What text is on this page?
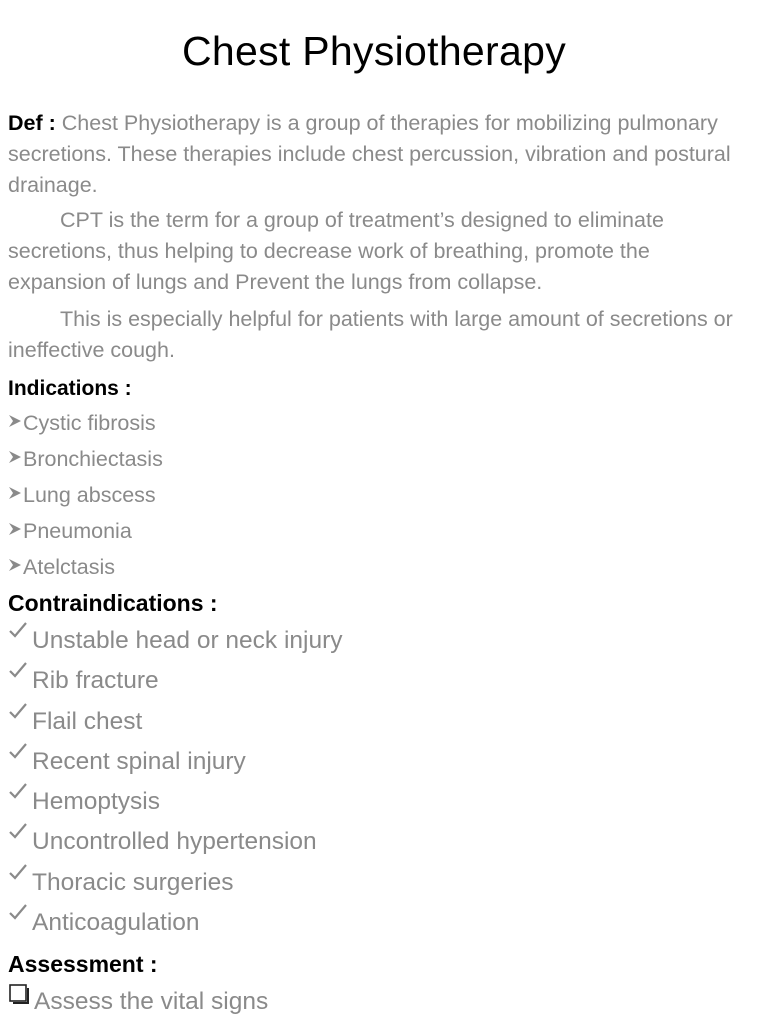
Chest Physiotherapy

Def : Chest Physiotherapy is a group of therapies for mobilizing pulmonary secretions. These therapies include chest percussion, vibration and postural drainage.

CPT is the term for a group of treatment’s designed to eliminate secretions, thus helping to decrease work of breathing, promote the expansion of lungs and Prevent the lungs from collapse.

This is especially helpful for patients with large amount of secretions or ineffective cough.

Indications :

Cystic fibrosis
Bronchiectasis
Lung abscess
Pneumonia
Atelctasis

Contraindications :

Unstable head or neck injury
Rib fracture
Flail chest
Recent spinal injury
Hemoptysis
Uncontrolled hypertension
Thoracic surgeries
Anticoagulation

Assessment :

Assess the vital signs
